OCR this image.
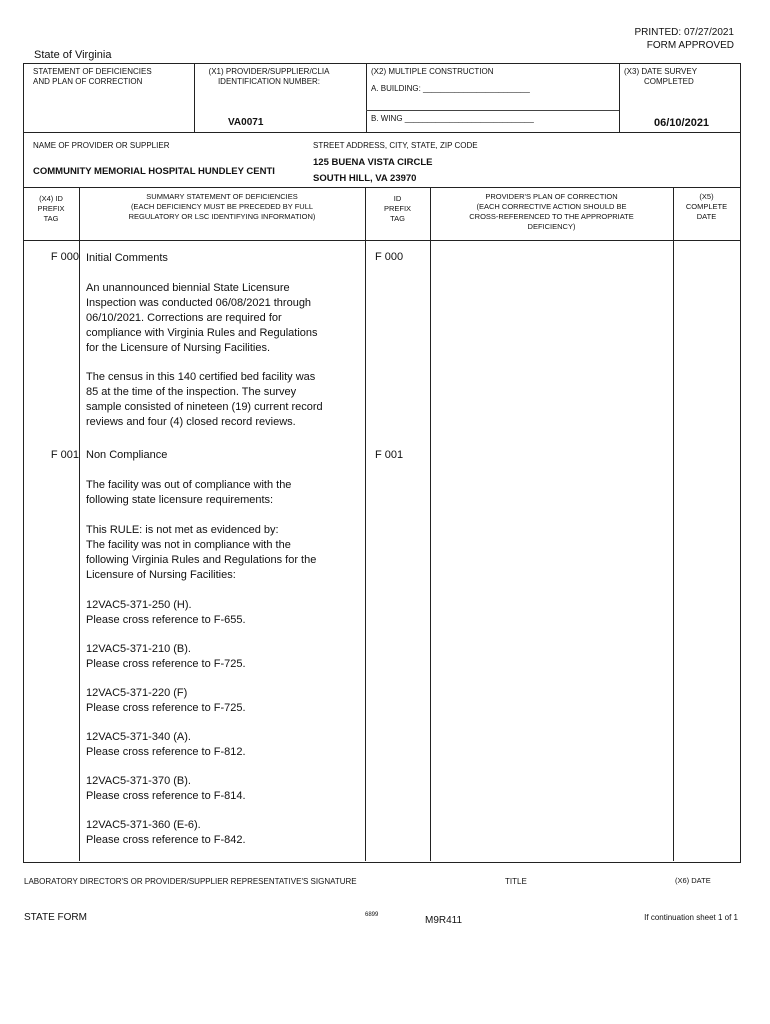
PRINTED: 07/27/2021
FORM APPROVED
State of Virginia
STATEMENT OF DEFICIENCIES
AND PLAN OF CORRECTION
(X1) PROVIDER/SUPPLIER/CLIA
IDENTIFICATION NUMBER:
VA0071
(X2) MULTIPLE CONSTRUCTION
A. BUILDING: ________________________
B. WING _____________________________
(X3) DATE SURVEY
COMPLETED
06/10/2021
NAME OF PROVIDER OR SUPPLIER
COMMUNITY MEMORIAL HOSPITAL HUNDLEY CENTI
STREET ADDRESS, CITY, STATE, ZIP CODE
125 BUENA VISTA CIRCLE
SOUTH HILL, VA 23970
(X4) ID
PREFIX
TAG
SUMMARY STATEMENT OF DEFICIENCIES
(EACH DEFICIENCY MUST BE PRECEDED BY FULL
REGULATORY OR LSC IDENTIFYING INFORMATION)
ID
PREFIX
TAG
PROVIDER'S PLAN OF CORRECTION
(EACH CORRECTIVE ACTION SHOULD BE
CROSS-REFERENCED TO THE APPROPRIATE
DEFICIENCY)
(X5)
COMPLETE
DATE
F 000	F 000
Initial Comments
An unannounced biennial State Licensure
Inspection was conducted 06/08/2021 through
06/10/2021. Corrections are required for
compliance with Virginia Rules and Regulations
for the Licensure of Nursing Facilities.
The census in this 140 certified bed facility was
85 at the time of the inspection. The survey
sample consisted of nineteen (19) current record
reviews and four (4) closed record reviews.
F 001	F 001
Non Compliance
The facility was out of compliance with the
following state licensure requirements:
This RULE: is not met as evidenced by:
The facility was not in compliance with the
following Virginia Rules and Regulations for the
Licensure of Nursing Facilities:
12VAC5-371-250 (H).
Please cross reference to F-655.
12VAC5-371-210 (B).
Please cross reference to F-725.
12VAC5-371-220 (F)
Please cross reference to F-725.
12VAC5-371-340 (A).
Please cross reference to F-812.
12VAC5-371-370 (B).
Please cross reference to F-814.
12VAC5-371-360 (E-6).
Please cross reference to F-842.
LABORATORY DIRECTOR'S OR PROVIDER/SUPPLIER REPRESENTATIVE'S SIGNATURE	TITLE	(X6) DATE
STATE FORM	6899	M9R411	If continuation sheet 1 of 1
